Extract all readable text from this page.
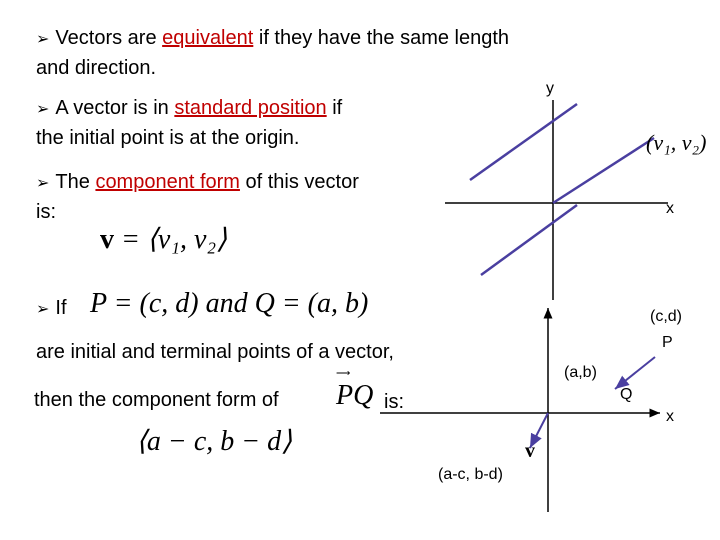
➢ Vectors are equivalent if they have the same length
and direction.
➢ A vector is in standard position if
the initial point is at the origin.
➢ The component form of this vector
is:
v = ⟨v₁, v₂⟩
➢ If P = (c, d) and Q = (a, b)
are initial and terminal points of a vector,
then the component form of
⟶
PQ is:
⟨a − c, b − d⟩
y
x
(v₁, v₂)
(c,d)
P
(a,b)
Q
x
v
(a-c, b-d)
